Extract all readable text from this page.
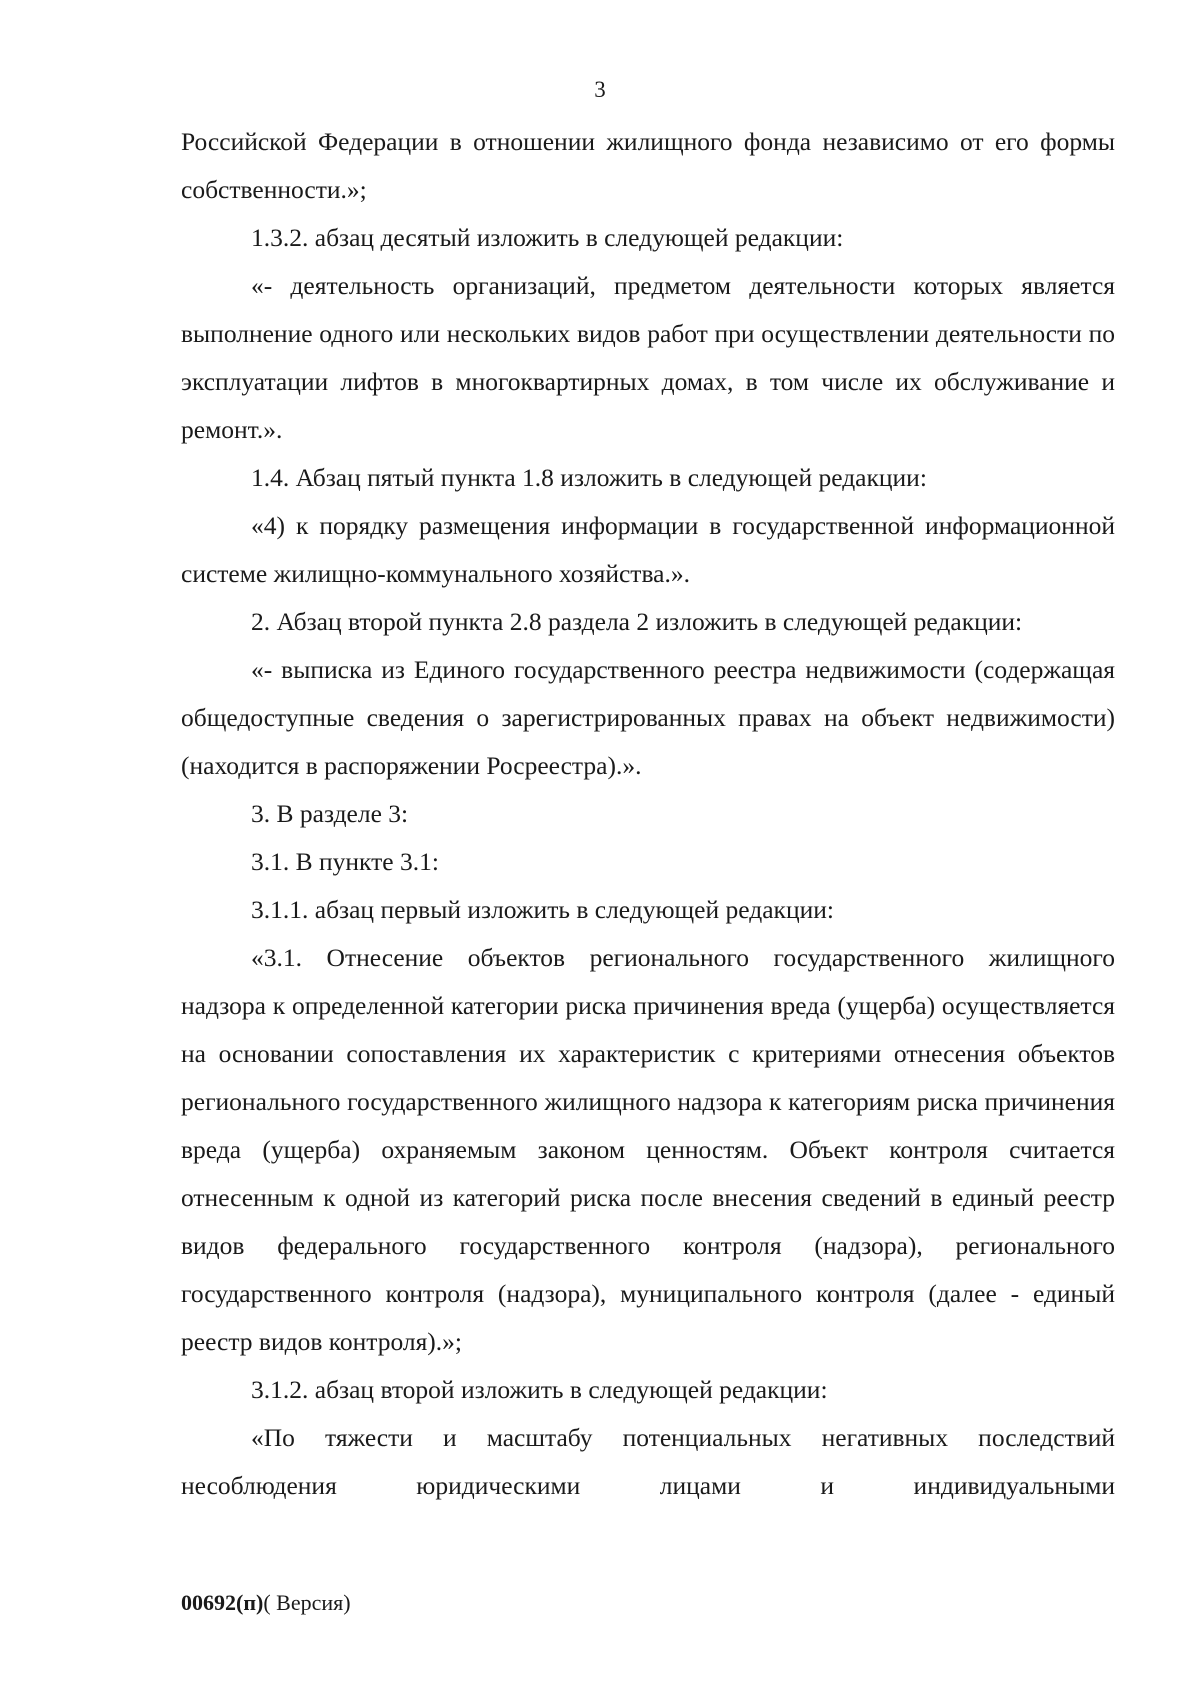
3

Российской Федерации в отношении жилищного фонда независимо от его формы собственности.»;

1.3.2. абзац десятый изложить в следующей редакции:

«- деятельность организаций, предметом деятельности которых является выполнение одного или нескольких видов работ при осуществлении деятельности по эксплуатации лифтов в многоквартирных домах, в том числе их обслуживание и ремонт.».

1.4. Абзац пятый пункта 1.8 изложить в следующей редакции:

«4) к порядку размещения информации в государственной информационной системе жилищно-коммунального хозяйства.».

2. Абзац второй пункта 2.8 раздела 2 изложить в следующей редакции:

«- выписка из Единого государственного реестра недвижимости (содержащая общедоступные сведения о зарегистрированных правах на объект недвижимости) (находится в распоряжении Росреестра).».

3. В разделе 3:

3.1. В пункте 3.1:

3.1.1. абзац первый изложить в следующей редакции:

«3.1. Отнесение объектов регионального государственного жилищного надзора к определенной категории риска причинения вреда (ущерба) осуществляется на основании сопоставления их характеристик с критериями отнесения объектов регионального государственного жилищного надзора к категориям риска причинения вреда (ущерба) охраняемым законом ценностям. Объект контроля считается отнесенным к одной из категорий риска после внесения сведений в единый реестр видов федерального государственного контроля (надзора), регионального государственного контроля (надзора), муниципального контроля (далее - единый реестр видов контроля).»;

3.1.2. абзац второй изложить в следующей редакции:

«По тяжести и масштабу потенциальных негативных последствий несоблюдения юридическими лицами и индивидуальными

00692(п)( Версия)
